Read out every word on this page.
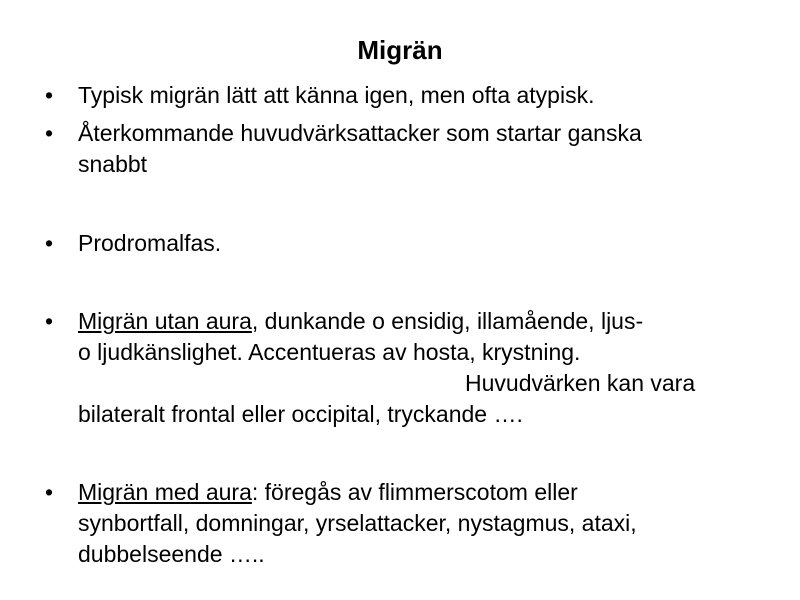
Migrän
•	Typisk migrän lätt att känna igen, men ofta atypisk.
•	Återkommande huvudvärksattacker som startar ganska
snabbt
•	Prodromalfas.
•	Migrän utan aura, dunkande o ensidig, illamående, ljus-
o ljudkänslighet. Accentueras av hosta, krystning.
Huvudvärken kan vara
bilateralt frontal eller occipital, tryckande ….
•	Migrän med aura: föregås av flimmerscotom eller
synbortfall, domningar, yrselattacker, nystagmus, ataxi,
dubbelseende …..
